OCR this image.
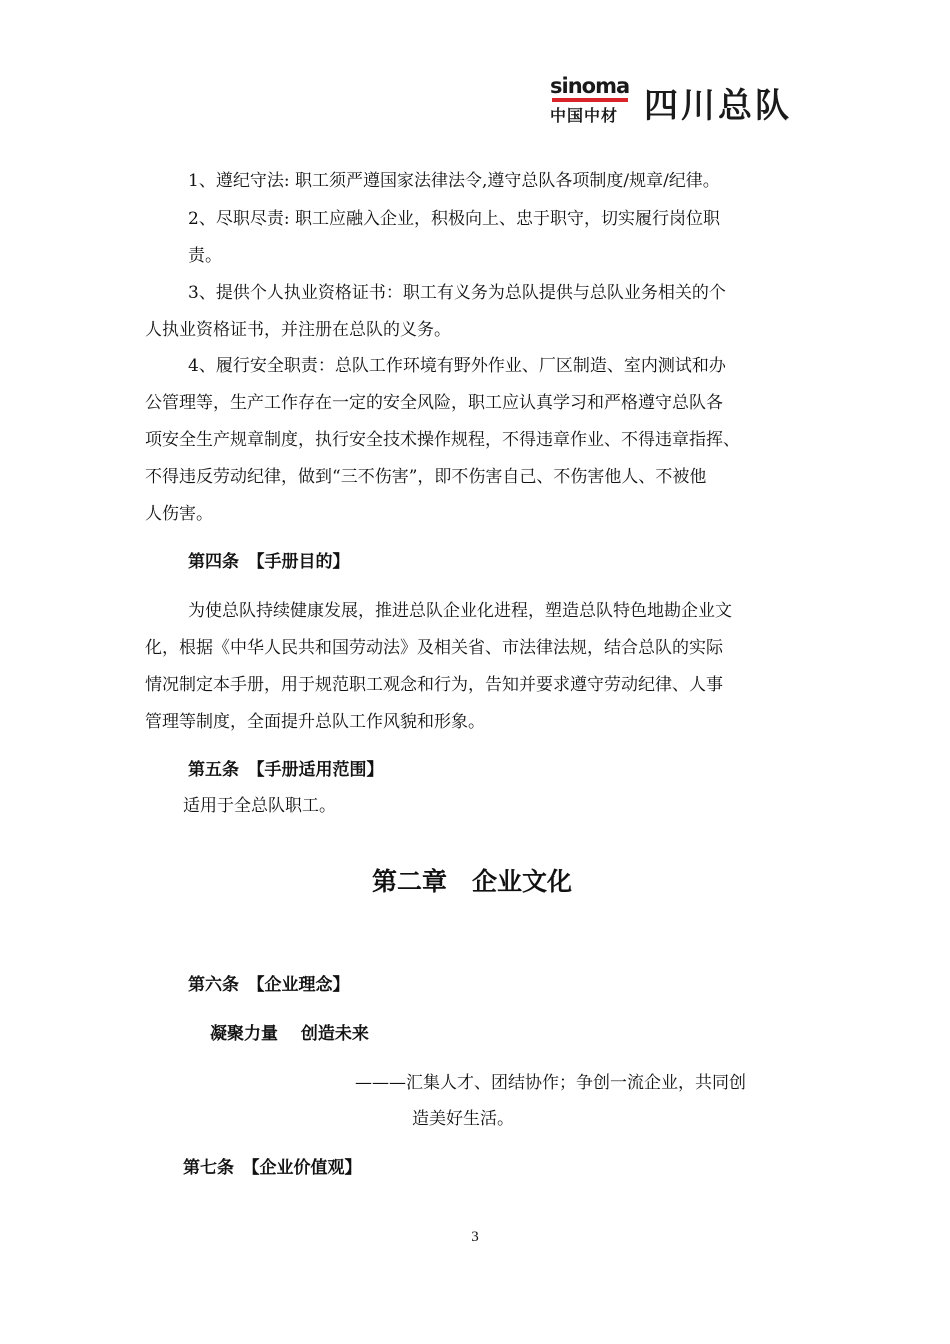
sinoma
中国中材 四川总队
1、遵纪守法: 职工须严遵国家法律法令,遵守总队各项制度/规章/纪律。
2、尽职尽责: 职工应融入企业，积极向上、忠于职守，切实履行岗位职
责。
3、提供个人执业资格证书：职工有义务为总队提供与总队业务相关的个
人执业资格证书，并注册在总队的义务。
4、履行安全职责：总队工作环境有野外作业、厂区制造、室内测试和办
公管理等，生产工作存在一定的安全风险，职工应认真学习和严格遵守总队各
项安全生产规章制度，执行安全技术操作规程，不得违章作业、不得违章指挥、
不得违反劳动纪律，做到“三不伤害”，即不伤害自己、不伤害他人、不被他
人伤害。
第四条　【手册目的】
为使总队持续健康发展，推进总队企业化进程，塑造总队特色地勘企业文
化，根据《中华人民共和国劳动法》及相关省、市法律法规，结合总队的实际
情况制定本手册，用于规范职工观念和行为，告知并要求遵守劳动纪律、人事
管理等制度，全面提升总队工作风貌和形象。
第五条　【手册适用范围】
适用于全总队职工。
第二章　企业文化
第六条　【企业理念】
凝聚力量　 创造未来
———汇集人才、团结协作；争创一流企业，共同创
造美好生活。
第七条　【企业价值观】
3
